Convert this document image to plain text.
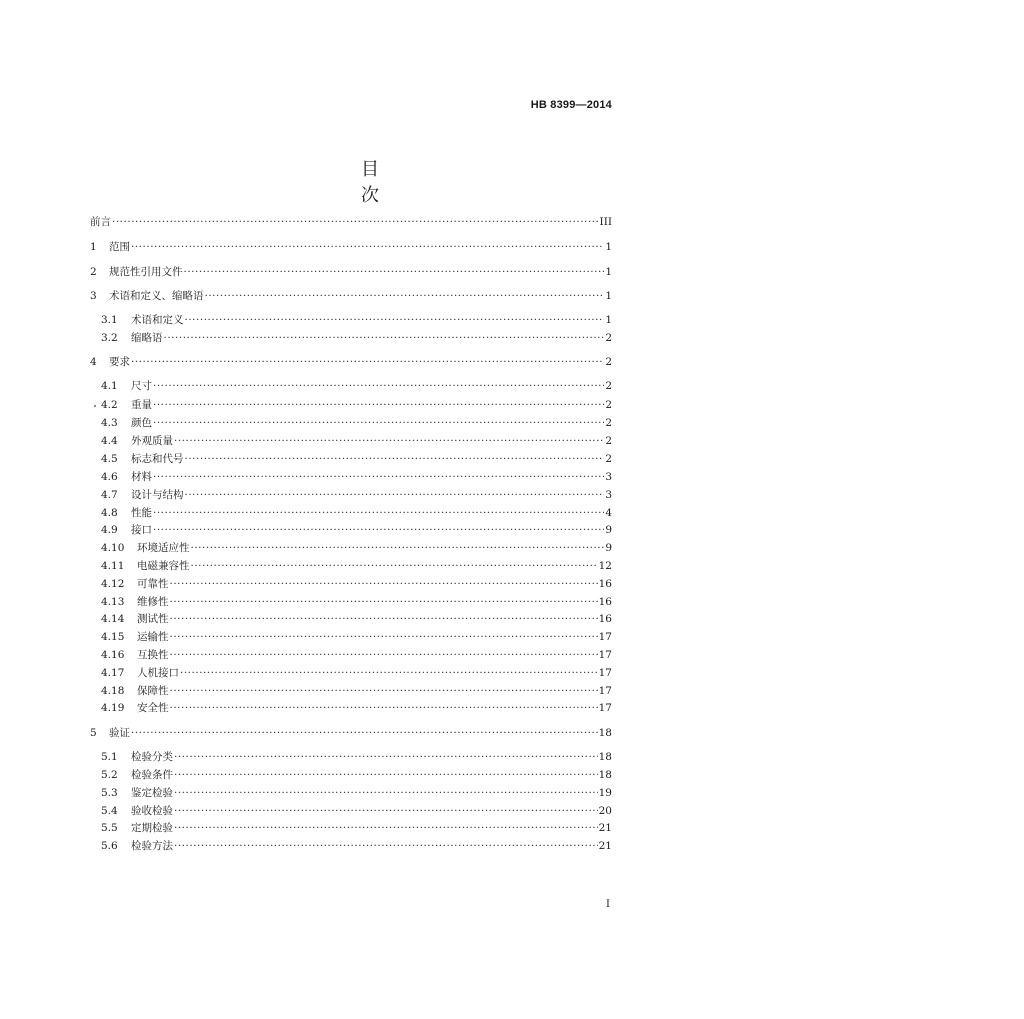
HB 8399—2014
目 次
前言 ·····	III
1	范围 ·····	1
2	规范性引用文件 ·····	1
3	术语和定义、缩略语 ·····	1
3.1	术语和定义 ·····	1
3.2	缩略语 ·····	2
4	要求 ·····	2
4.1	尺寸 ·····	2
4.2	重量 ·····	2
4.3	颜色 ·····	2
4.4	外观质量 ·····	2
4.5	标志和代号 ·····	2
4.6	材料 ·····	3
4.7	设计与结构 ·····	3
4.8	性能 ·····	4
4.9	接口 ·····	9
4.10	环境适应性 ·····	9
4.11	电磁兼容性 ·····	12
4.12	可靠性 ·····	16
4.13	维修性 ·····	16
4.14	测试性 ·····	16
4.15	运输性 ·····	17
4.16	互换性 ·····	17
4.17	人机接口 ·····	17
4.18	保障性 ·····	17
4.19	安全性 ·····	17
5	验证 ·····	18
5.1	检验分类 ·····	18
5.2	检验条件 ·····	18
5.3	鉴定检验 ·····	19
5.4	验收检验 ·····	20
5.5	定期检验 ·····	21
5.6	检验方法 ·····	21
I
